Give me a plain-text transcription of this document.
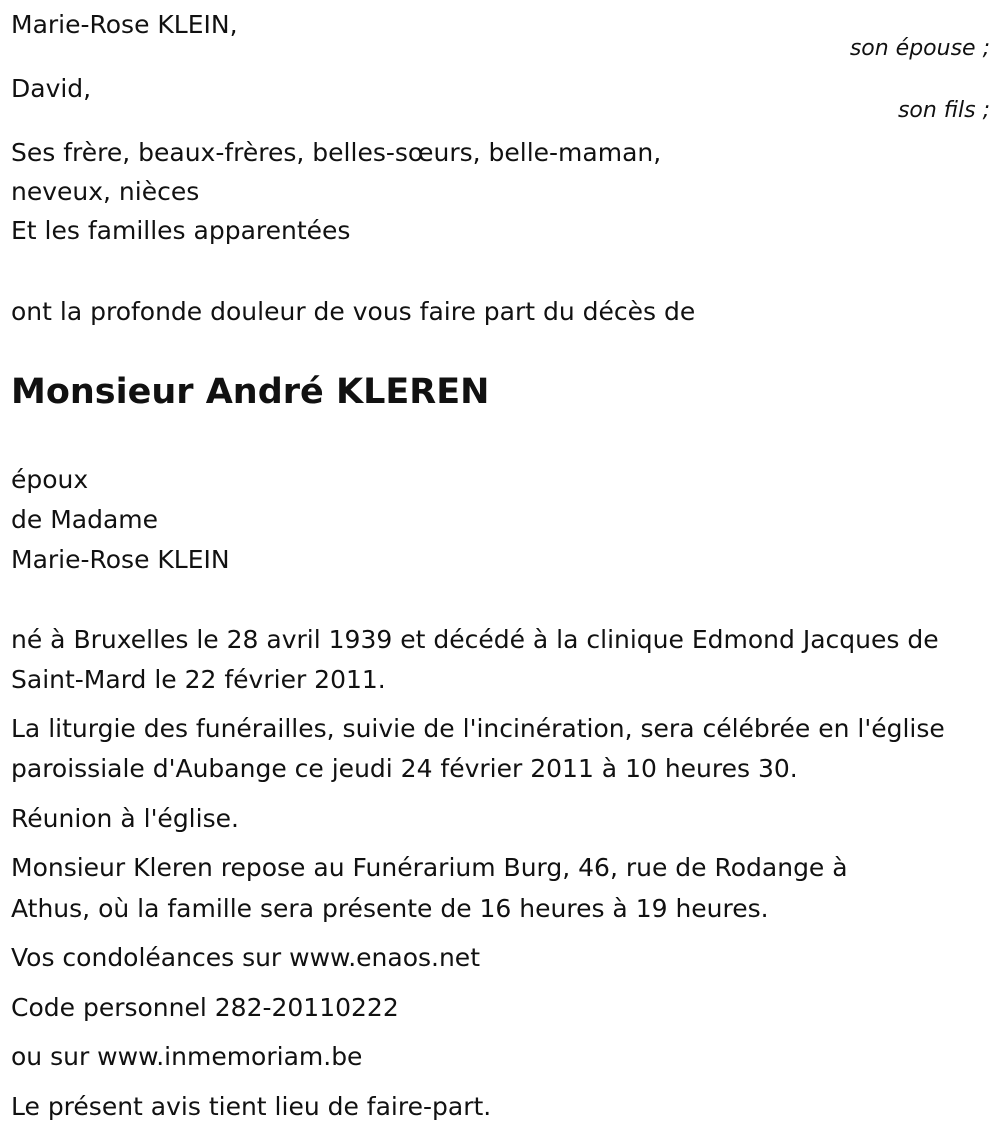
Marie-Rose KLEIN,
son épouse ;
David,
son fils ;
Ses frère, beaux-frères, belles-sœurs, belle-maman,
neveux, nièces
Et les familles apparentées
ont la profonde douleur de vous faire part du décès de
Monsieur André KLEREN
époux
de Madame
Marie-Rose KLEIN
né à Bruxelles le 28 avril 1939 et décédé à la clinique Edmond Jacques de
Saint-Mard le 22 février 2011.
La liturgie des funérailles, suivie de l'incinération, sera célébrée en l'église
paroissiale d'Aubange ce jeudi 24 février 2011 à 10 heures 30.
Réunion à l'église.
Monsieur Kleren repose au Funérarium Burg, 46, rue de Rodange à
Athus, où la famille sera présente de 16 heures à 19 heures.
Vos condoléances sur www.enaos.net
Code personnel 282-20110222
ou sur www.inmemoriam.be
Le présent avis tient lieu de faire-part.
